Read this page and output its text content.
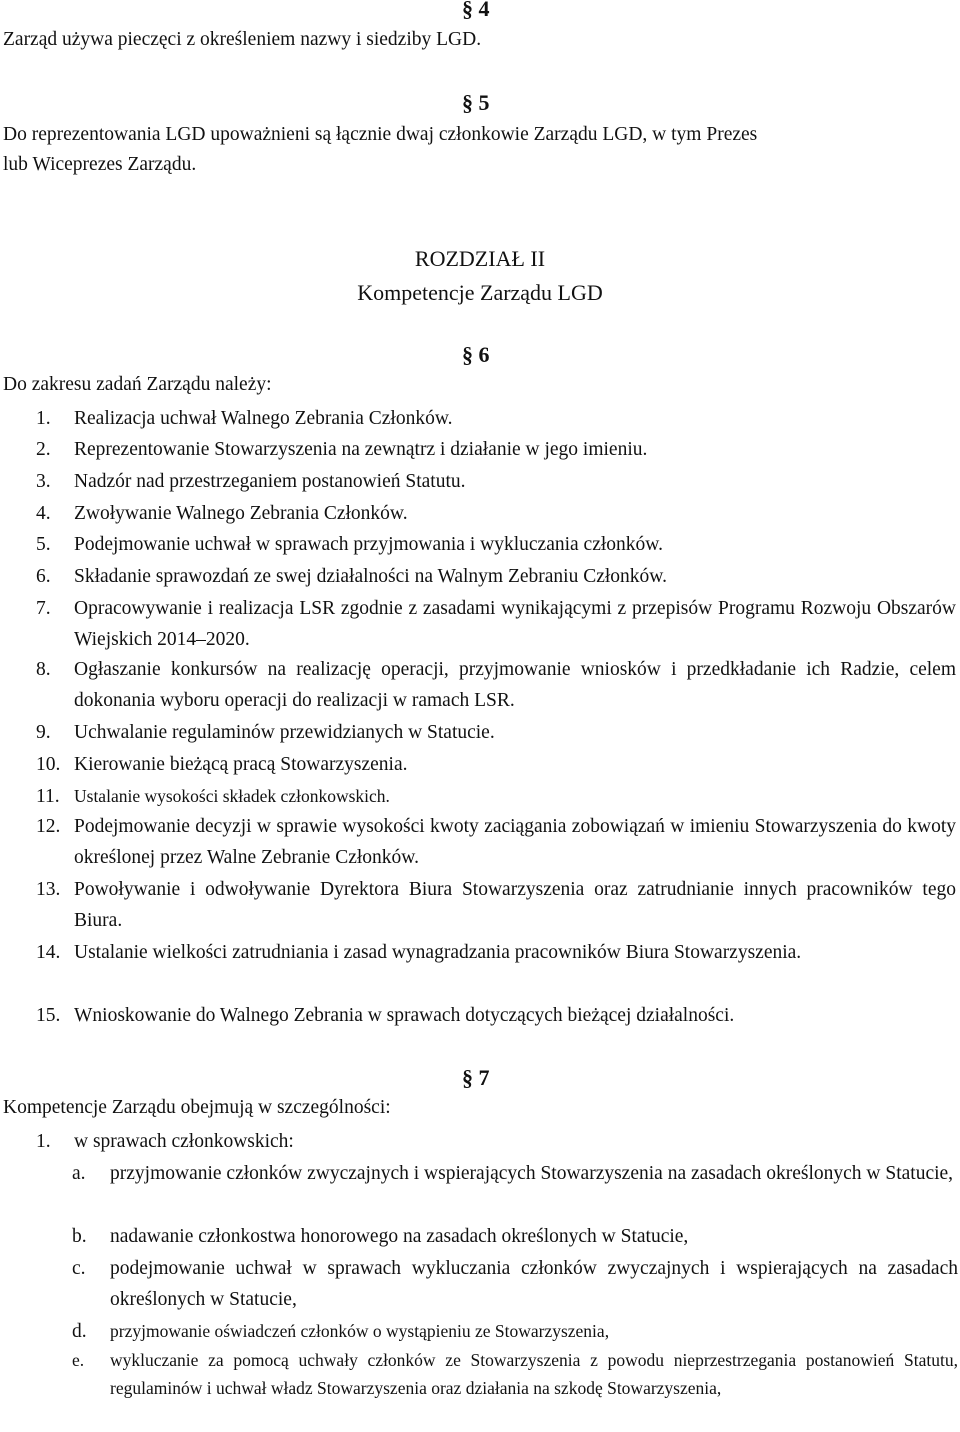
§ 4
Zarząd używa pieczęci z określeniem nazwy i siedziby LGD.
§ 5
Do reprezentowania LGD upoważnieni są łącznie dwaj członkowie Zarządu LGD, w tym Prezes
lub Wiceprezes Zarządu.
ROZDZIAŁ II
Kompetencje Zarządu LGD
§ 6
Do zakresu zadań Zarządu należy:
1. Realizacja uchwał Walnego Zebrania Członków.
2. Reprezentowanie Stowarzyszenia na zewnątrz i działanie w jego imieniu.
3. Nadzór nad przestrzeganiem postanowień Statutu.
4. Zwoływanie Walnego Zebrania Członków.
5. Podejmowanie uchwał w sprawach przyjmowania i wykluczania członków.
6. Składanie sprawozdań ze swej działalności na Walnym Zebraniu Członków.
7. Opracowywanie i realizacja LSR zgodnie z zasadami wynikającymi z przepisów Programu Rozwoju Obszarów Wiejskich 2014–2020.
8. Ogłaszanie konkursów na realizację operacji, przyjmowanie wniosków i przedkładanie ich Radzie, celem dokonania wyboru operacji do realizacji w ramach LSR.
9. Uchwalanie regulaminów przewidzianych w Statucie.
10. Kierowanie bieżącą pracą Stowarzyszenia.
11. Ustalanie wysokości składek członkowskich.
12. Podejmowanie decyzji w sprawie wysokości kwoty zaciągania zobowiązań w imieniu Stowarzyszenia do kwoty określonej przez Walne Zebranie Członków.
13. Powoływanie i odwoływanie Dyrektora Biura Stowarzyszenia oraz zatrudnianie innych pracowników tego Biura.
14. Ustalanie wielkości zatrudniania i zasad wynagradzania pracowników Biura Stowarzyszenia.
15. Wnioskowanie do Walnego Zebrania w sprawach dotyczących bieżącej działalności.
§ 7
Kompetencje Zarządu obejmują w szczególności:
1. w sprawach członkowskich:
a. przyjmowanie członków zwyczajnych i wspierających Stowarzyszenia na zasadach określonych w Statucie,
b. nadawanie członkostwa honorowego na zasadach określonych w Statucie,
c. podejmowanie uchwał w sprawach wykluczania członków zwyczajnych i wspierających na zasadach określonych w Statucie,
d. przyjmowanie oświadczeń członków o wystąpieniu ze Stowarzyszenia,
e. wykluczanie za pomocą uchwały członków ze Stowarzyszenia z powodu nieprzestrzegania postanowień Statutu, regulaminów i uchwał władz Stowarzyszenia oraz działania na szkodę Stowarzyszenia,
